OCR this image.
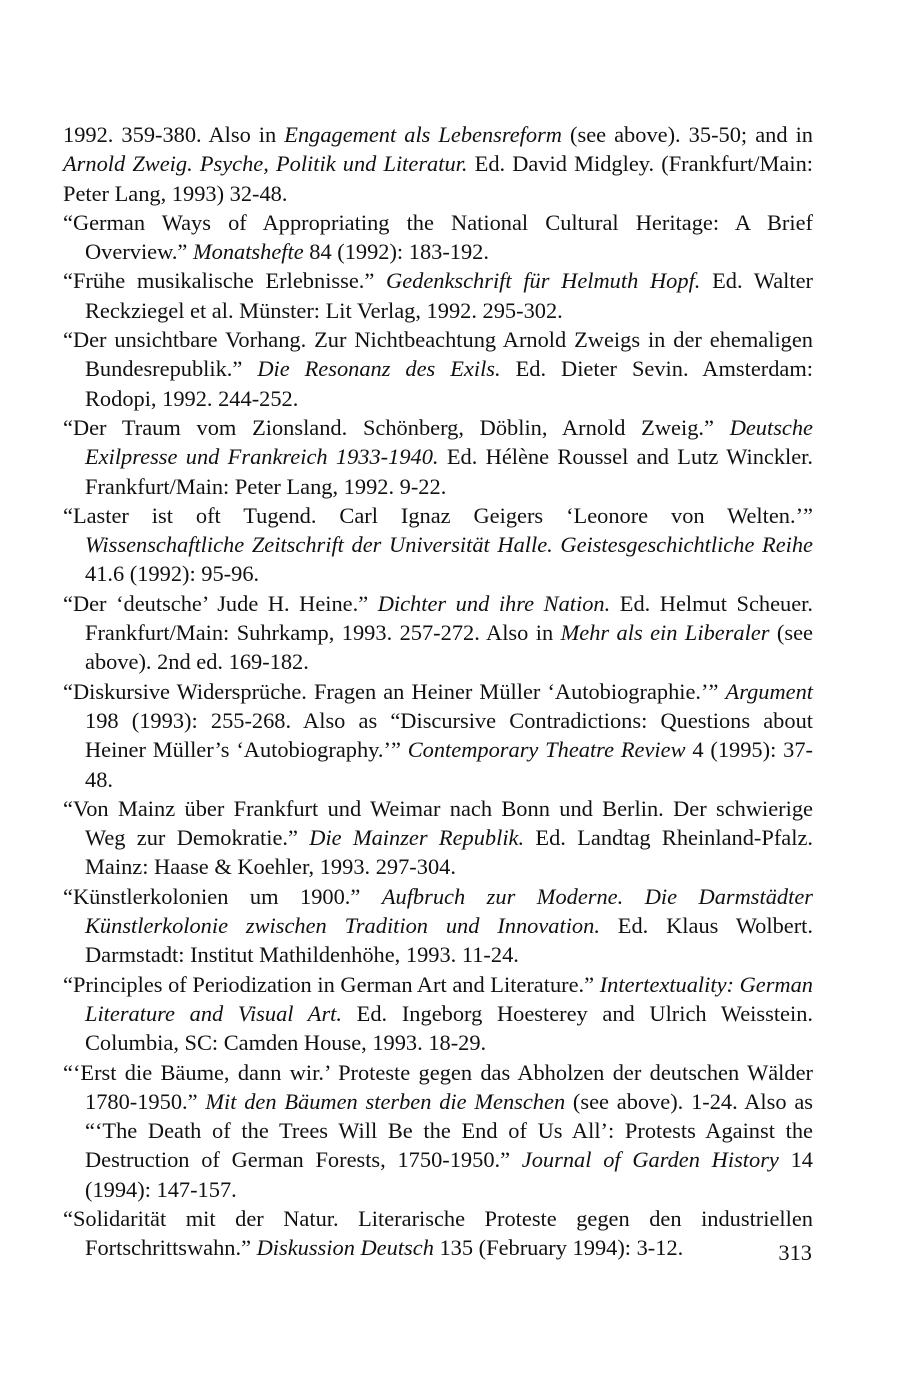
1992. 359-380. Also in Engagement als Lebensreform (see above). 35-50; and in Arnold Zweig. Psyche, Politik und Literatur. Ed. David Midgley. (Frankfurt/Main: Peter Lang, 1993) 32-48.

“German Ways of Appropriating the National Cultural Heritage: A Brief Overview.” Monatshefte 84 (1992): 183-192.

“Frühe musikalische Erlebnisse.” Gedenkschrift für Helmuth Hopf. Ed. Walter Reckziegel et al. Münster: Lit Verlag, 1992. 295-302.

“Der unsichtbare Vorhang. Zur Nichtbeachtung Arnold Zweigs in der ehemaligen Bundesrepublik.” Die Resonanz des Exils. Ed. Dieter Sevin. Amsterdam: Rodopi, 1992. 244-252.

“Der Traum vom Zionsland. Schönberg, Döblin, Arnold Zweig.” Deutsche Exilpresse und Frankreich 1933-1940. Ed. Hélène Roussel and Lutz Winckler. Frankfurt/Main: Peter Lang, 1992. 9-22.

“Laster ist oft Tugend. Carl Ignaz Geigers ‘Leonore von Welten.’” Wissenschaftliche Zeitschrift der Universität Halle. Geistesgeschichtliche Reihe 41.6 (1992): 95-96.

“Der ‘deutsche’ Jude H. Heine.” Dichter und ihre Nation. Ed. Helmut Scheuer. Frankfurt/Main: Suhrkamp, 1993. 257-272. Also in Mehr als ein Liberaler (see above). 2nd ed. 169-182.

“Diskursive Widersprüche. Fragen an Heiner Müller ‘Autobiographie.’” Argument 198 (1993): 255-268. Also as “Discursive Contradictions: Questions about Heiner Müller’s ‘Autobiography.’” Contemporary Theatre Review 4 (1995): 37-48.

“Von Mainz über Frankfurt und Weimar nach Bonn und Berlin. Der schwierige Weg zur Demokratie.” Die Mainzer Republik. Ed. Landtag Rheinland-Pfalz. Mainz: Haase & Koehler, 1993. 297-304.

“Künstlerkolonien um 1900.” Aufbruch zur Moderne. Die Darmstädter Künstlerkolonie zwischen Tradition und Innovation. Ed. Klaus Wolbert. Darmstadt: Institut Mathildenhöhe, 1993. 11-24.

“Principles of Periodization in German Art and Literature.” Intertextuality: German Literature and Visual Art. Ed. Ingeborg Hoesterey and Ulrich Weisstein. Columbia, SC: Camden House, 1993. 18-29.

“‘Erst die Bäume, dann wir.’ Proteste gegen das Abholzen der deutschen Wälder 1780-1950.” Mit den Bäumen sterben die Menschen (see above). 1-24. Also as “‘The Death of the Trees Will Be the End of Us All’: Protests Against the Destruction of German Forests, 1750-1950.” Journal of Garden History 14 (1994): 147-157.

“Solidarität mit der Natur. Literarische Proteste gegen den industriellen Fortschrittswahn.” Diskussion Deutsch 135 (February 1994): 3-12.	313
